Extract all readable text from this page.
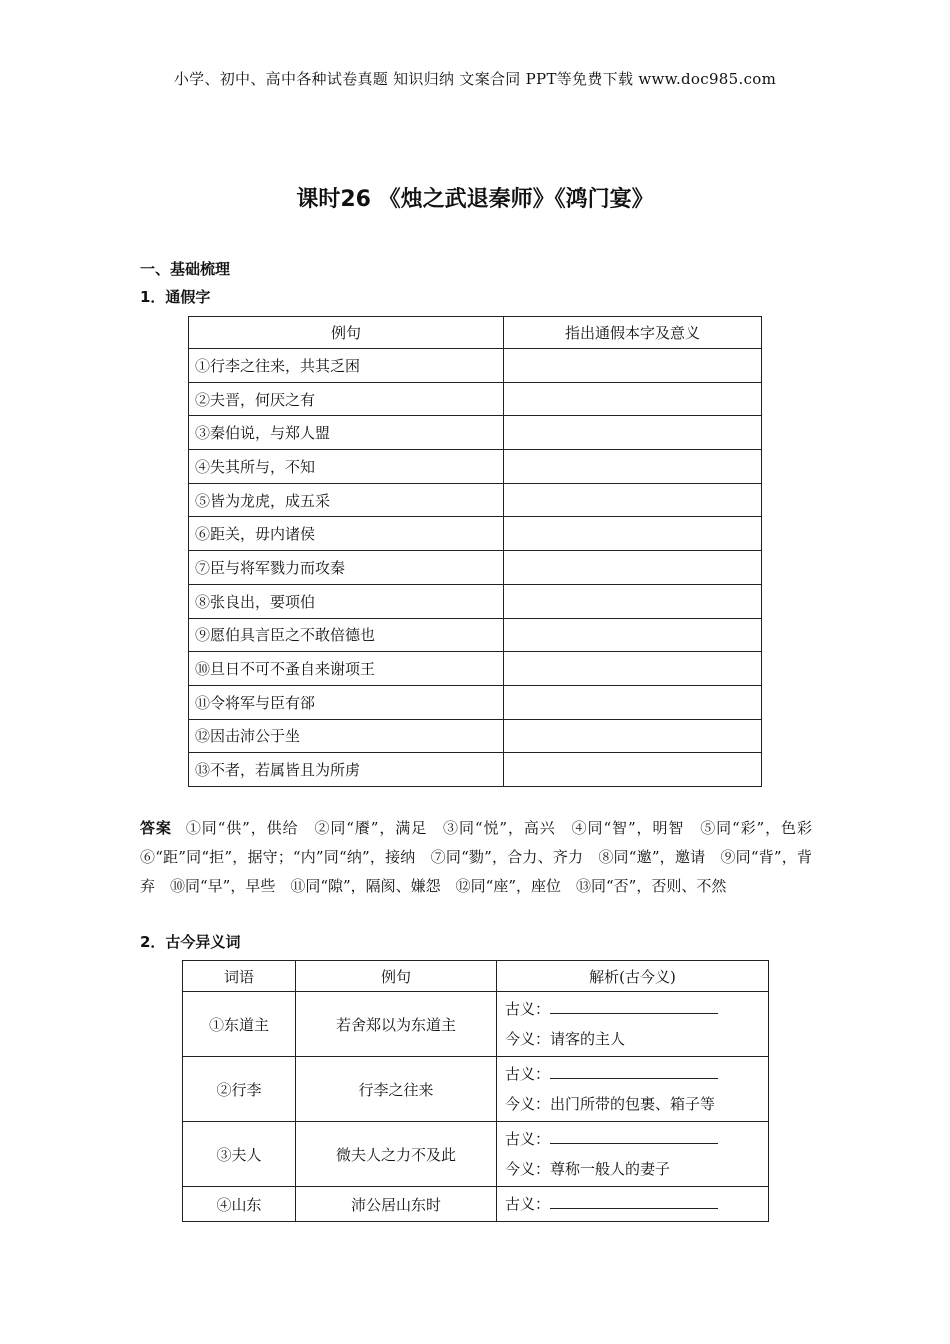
小学、初中、高中各种试卷真题 知识归纳 文案合同 PPT等免费下载 www.doc985.com
课时26 《烛之武退秦师》《鸿门宴》
一、基础梳理
1．通假字
例句	指出通假本字及意义
①行李之往来，共其乏困	
②夫晋，何厌之有	
③秦伯说，与郑人盟	
④失其所与，不知	
⑤皆为龙虎，成五采	
⑥距关，毋内诸侯	
⑦臣与将军戮力而攻秦	
⑧张良出，要项伯	
⑨愿伯具言臣之不敢倍德也	
⑩旦日不可不蚤自来谢项王	
⑪令将军与臣有郤	
⑫因击沛公于坐	
⑬不者，若属皆且为所虏	
答案 ①同“供”，供给　②同“餍”，满足　③同“悦”，高兴　④同“智”，明智　⑤同“彩”，色彩　⑥“距”同“拒”，据守；“内”同“纳”，接纳　⑦同“勠”，合力、齐力　⑧同“邀”，邀请　⑨同“背”，背弃　⑩同“早”，早些　⑪同“隙”，隔阂、嫌怨　⑫同“座”，座位　⑬同“否”，否则、不然
2．古今异义词
词语	例句	解析(古今义)
①东道主	若舍郑以为东道主	古义：
今义：请客的主人

②行李	行李之往来	古义：
今义：出门所带的包裹、箱子等

③夫人	微夫人之力不及此	古义：
今义：尊称一般人的妻子

④山东	沛公居山东时	古义：
